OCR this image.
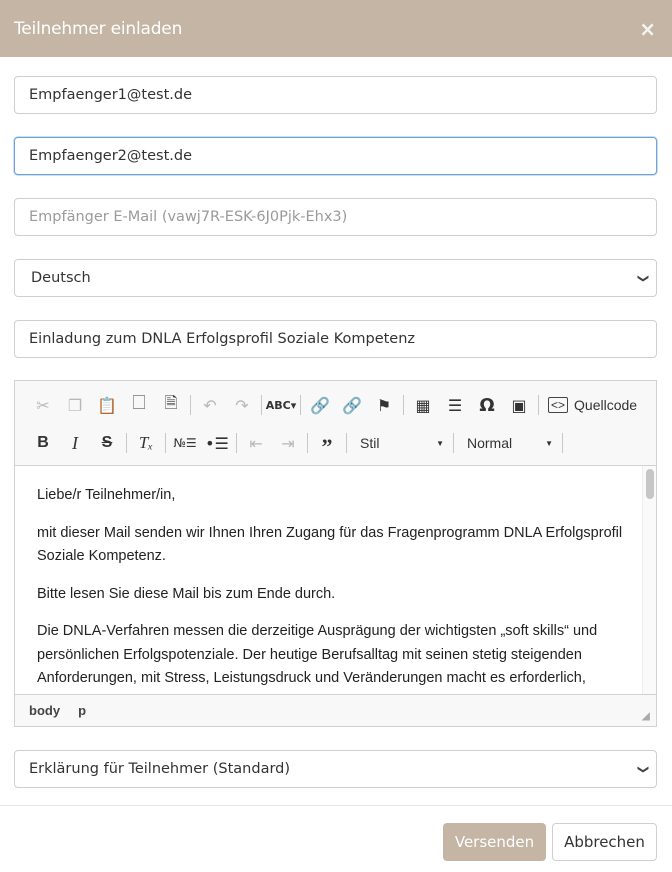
Teilnehmer einladen	×
Empfaenger1@test.de
Empfaenger2@test.de
Empfänger E-Mail (vawj7R-ESK-6J0Pjk-Ehx3)
Deutsch	❯
Einladung zum DNLA Erfolgsprofil Soziale Kompetenz
✂	❐ 📋 🗌	🗎	↶	↷	ABC▾ 🔗 🔗 ⚑	▦	☰ Ω	▣	<> Quellcode
B	I	S	Tₓ	№☰ •☰	⇤	⇥	”	Stil	▼ Normal	▼

Liebe/r Teilnehmer/in,

mit dieser Mail senden wir Ihnen Ihren Zugang für das Fragenprogramm DNLA Erfolgsprofil Soziale Kompetenz.

Bitte lesen Sie diese Mail bis zum Ende durch.

Die DNLA-Verfahren messen die derzeitige Ausprägung der wichtigsten „soft skills“ und persönlichen Erfolgspotenziale. Der heutige Berufsalltag mit seinen stetig steigenden Anforderungen, mit Stress, Leistungsdruck und Veränderungen macht es erforderlich,

body p	◢
Erklärung für Teilnehmer (Standard)	❯
Versenden	Abbrechen
